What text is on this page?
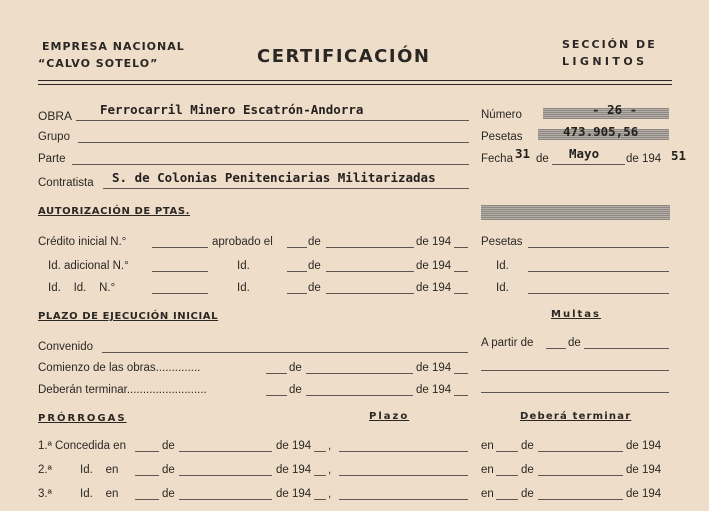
EMPRESA NACIONAL
“CALVO SOTELO”	CERTIFICACIÓN
SECCIÓN DE
LIGNITOS
OBRA Ferrocarril Minero Escatrón-Andorra
Grupo
Parte
Contratista S. de Colonias Penitenciarias Militarizadas
Número	- 26 -
Pesetas	473.905,56
Fecha 31 de Mayo de 194 51
AUTORIZACIÓN DE PTAS.
Crédito inicial N.°	aprobado el	de	de 194	Pesetas
Id. adicional N.°	Id.	de	de 194	Id.
Id.    Id.    N.°	Id.	de	de 194	Id.
PLAZO DE EJECUCIÓN INICIAL	Multas
Convenido	A partir de	de
Comienzo de las obras..............	de	de 194
Deberán terminar.........................	de	de 194
PRÓRROGAS	Plazo	Deberá terminar
1.ª Concedida en	de	de 194 ,	en de	de 194
2.ª Id.    en	de	de 194 ,	en de	de 194
3.ª Id.    en	de	de 194 ,	en de	de 194
